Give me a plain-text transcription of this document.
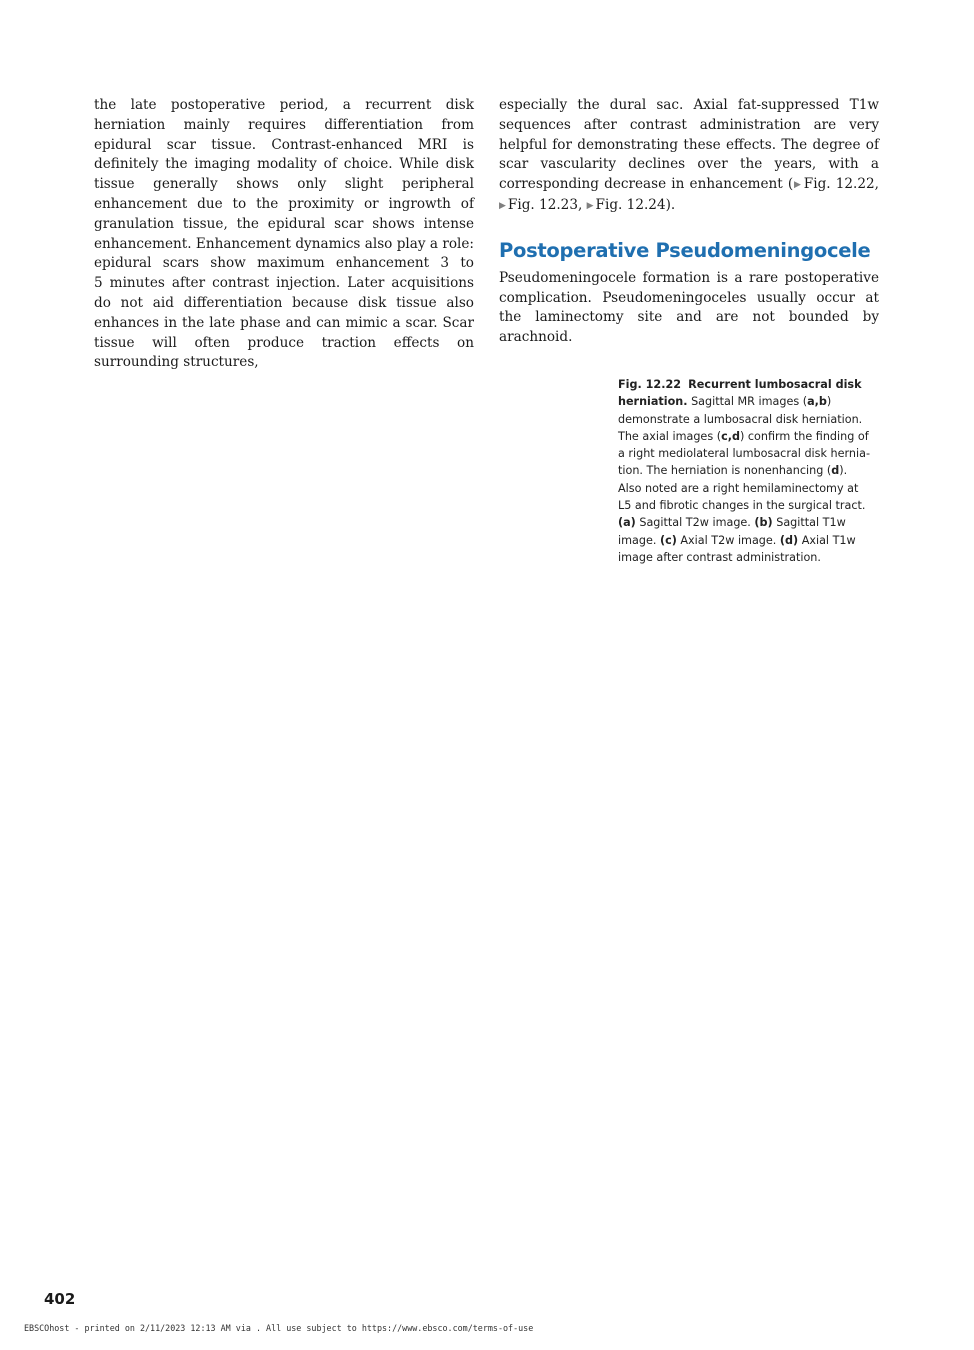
the late postoperative period, a recurrent disk herniation mainly requires differentiation from epidural scar tissue. Contrast-enhanced MRI is definitely the imaging modality of choice. While disk tissue generally shows only slight peripheral enhancement due to the proximity or ingrowth of granulation tissue, the epidural scar shows intense enhancement. Enhancement dynamics also play a role: epidural scars show maximum enhancement 3 to 5 minutes after contrast injection. Later acquisitions do not aid differentiation because disk tissue also enhances in the late phase and can mimic a scar. Scar tissue will often produce traction effects on surrounding structures,

especially the dural sac. Axial fat-suppressed T1w sequences after contrast administration are very helpful for demonstrating these effects. The degree of scar vascularity declines over the years, with a corresponding decrease in enhancement (▶ Fig. 12.22, ▶ Fig. 12.23, ▶ Fig. 12.24).

Postoperative Pseudomeningocele

Pseudomeningocele formation is a rare postoperative complication. Pseudomeningoceles usually occur at the laminectomy site and are not bounded by arachnoid.

Fig. 12.22 Recurrent lumbosacral disk herniation. Sagittal MR images (a,b) demonstrate a lumbosacral disk herniation. The axial images (c,d) confirm the finding of a right mediolateral lumbosacral disk herniation. The herniation is nonenhancing (d). Also noted are a right hemilaminectomy at L5 and fibrotic changes in the surgical tract. (a) Sagittal T2w image. (b) Sagittal T1w image. (c) Axial T2w image. (d) Axial T1w image after contrast administration.
402
EBSCOhost - printed on 2/11/2023 12:13 AM via . All use subject to https://www.ebsco.com/terms-of-use
